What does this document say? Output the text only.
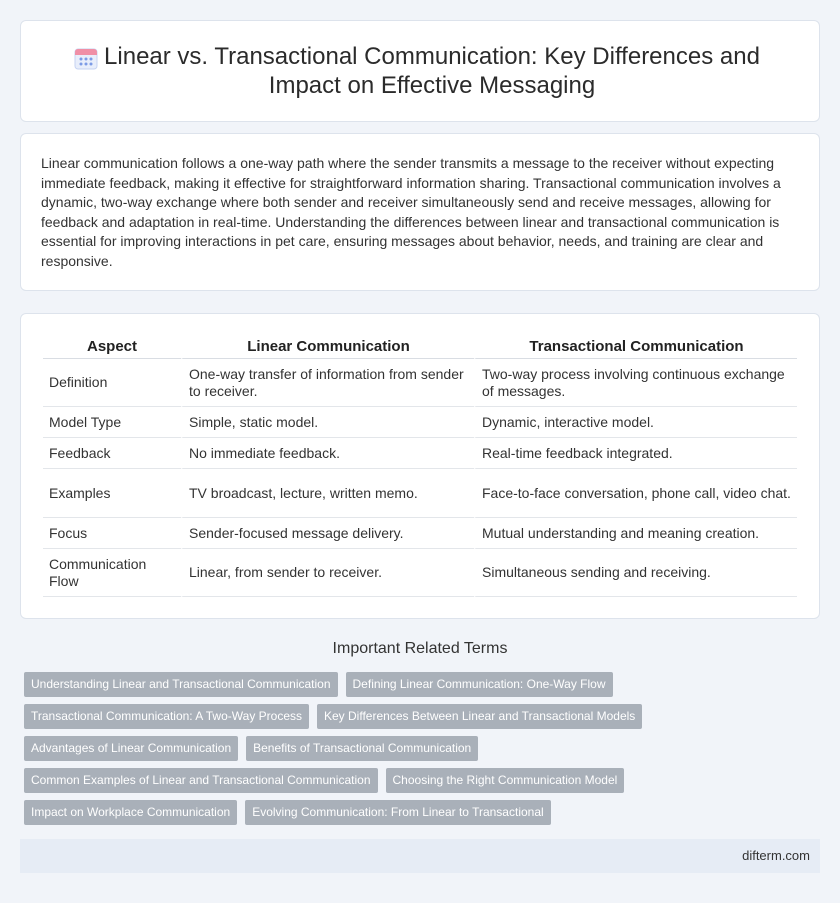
Linear vs. Transactional Communication: Key Differences and
Impact on Effective Messaging

Linear communication follows a one-way path where the sender transmits a message to the receiver without expecting immediate feedback, making it effective for straightforward information sharing. Transactional communication involves a dynamic, two-way exchange where both sender and receiver simultaneously send and receive messages, allowing for feedback and adaptation in real-time. Understanding the differences between linear and transactional communication is essential for improving interactions in pet care, ensuring messages about behavior, needs, and training are clear and responsive.

Aspect	Linear Communication	Transactional Communication
Definition	One-way transfer of information from sender to receiver.	Two-way process involving continuous exchange of messages.
Model Type	Simple, static model.	Dynamic, interactive model.
Feedback	No immediate feedback.	Real-time feedback integrated.
Examples	TV broadcast, lecture, written memo.	Face-to-face conversation, phone call, video chat.
Focus	Sender-focused message delivery.	Mutual understanding and meaning creation.
Communication Flow	Linear, from sender to receiver.	Simultaneous sending and receiving.
Important Related Terms
Understanding Linear and Transactional Communication	Defining Linear Communication: One-Way Flow
Transactional Communication: A Two-Way Process	Key Differences Between Linear and Transactional Models
Advantages of Linear Communication	Benefits of Transactional Communication
Common Examples of Linear and Transactional Communication	Choosing the Right Communication Model
Impact on Workplace Communication	Evolving Communication: From Linear to Transactional
difterm.com
